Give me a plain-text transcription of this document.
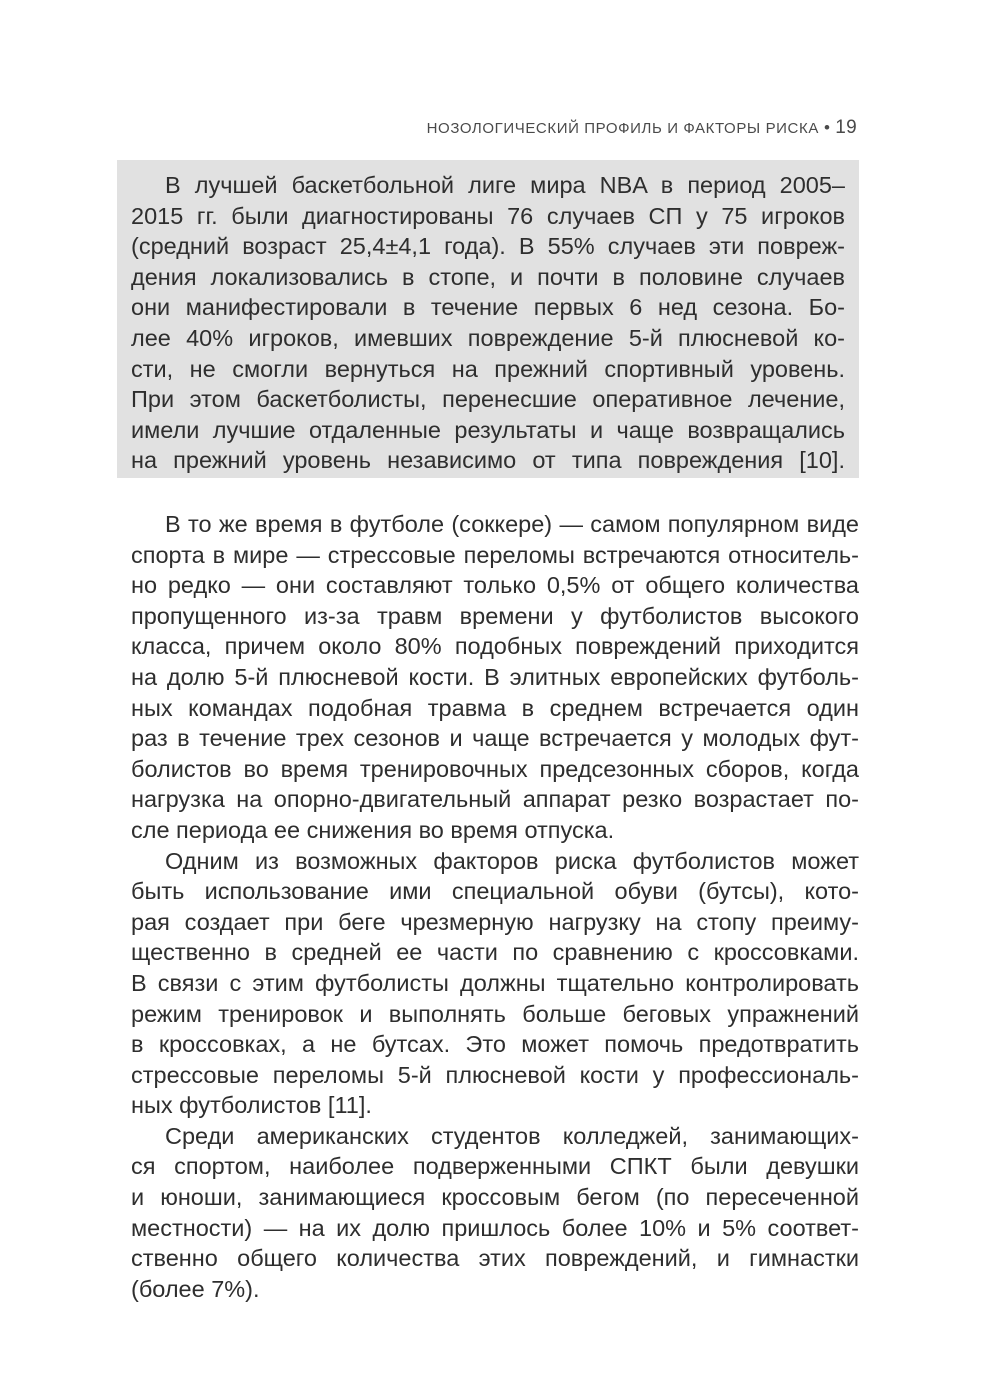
НОЗОЛОГИЧЕСКИЙ ПРОФИЛЬ И ФАКТОРЫ РИСКА • 19
В лучшей баскетбольной лиге мира NBA в период 2005–
2015 гг. были диагностированы 76 случаев СП у 75 игроков
(средний возраст 25,4±4,1 года). В 55% случаев эти повреж-
дения локализовались в стопе, и почти в половине случаев
они манифестировали в течение первых 6 нед сезона. Бо-
лее 40% игроков, имевших повреждение 5-й плюсневой ко-
сти, не смогли вернуться на прежний спортивный уровень.
При этом баскетболисты, перенесшие оперативное лечение,
имели лучшие отдаленные результаты и чаще возвращались
на прежний уровень независимо от типа повреждения [10].
В то же время в футболе (соккере) — самом популярном виде
спорта в мире — стрессовые переломы встречаются относитель-
но редко — они составляют только 0,5% от общего количества
пропущенного из-за травм времени у футболистов высокого
класса, причем около 80% подобных повреждений приходится
на долю 5-й плюсневой кости. В элитных европейских футболь-
ных командах подобная травма в среднем встречается один
раз в течение трех сезонов и чаще встречается у молодых фут-
болистов во время тренировочных предсезонных сборов, когда
нагрузка на опорно-двигательный аппарат резко возрастает по-
сле периода ее снижения во время отпуска.
Одним из возможных факторов риска футболистов может
быть использование ими специальной обуви (бутсы), кото-
рая создает при беге чрезмерную нагрузку на стопу преиму-
щественно в средней ее части по сравнению с кроссовками.
В связи с этим футболисты должны тщательно контролировать
режим тренировок и выполнять больше беговых упражнений
в кроссовках, а не бутсах. Это может помочь предотвратить
стрессовые переломы 5-й плюсневой кости у профессиональ-
ных футболистов [11].
Среди американских студентов колледжей, занимающих-
ся спортом, наиболее подверженными СПКТ были девушки
и юноши, занимающиеся кроссовым бегом (по пересеченной
местности) — на их долю пришлось более 10% и 5% соответ-
ственно общего количества этих повреждений, и гимнастки
(более 7%).
